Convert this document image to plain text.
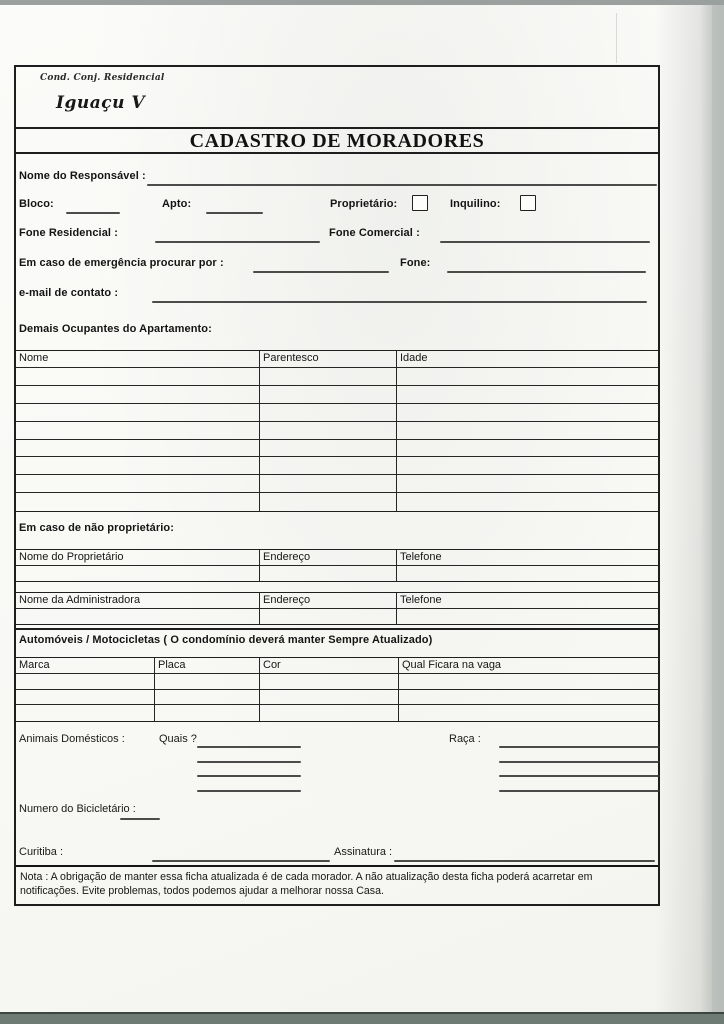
Cond. Conj. Residencial
Iguaçu V
CADASTRO DE MORADORES
Nome do Responsável :
Bloco:	Apto:	Proprietário:	Inquilino:
Fone Residencial :	Fone Comercial :
Em caso de emergência procurar por :	Fone:
e-mail de contato :
Demais Ocupantes do Apartamento:
Nome	Parentesco	Idade
Em caso de não proprietário:
Nome do Proprietário	Endereço	Telefone
Nome da Administradora	Endereço	Telefone
Automóveis / Motocicletas ( O condomínio deverá manter Sempre Atualizado)
Marca	Placa	Cor	Qual Ficara na vaga
Animais Domésticos :	Quais ?	Raça :
Numero do Bicicletário :
Curitiba :	Assinatura :
Nota : A obrigação de manter essa ficha atualizada é de cada morador. A não atualização desta ficha poderá acarretar em notificações. Evite problemas, todos podemos ajudar a melhorar nossa Casa.
